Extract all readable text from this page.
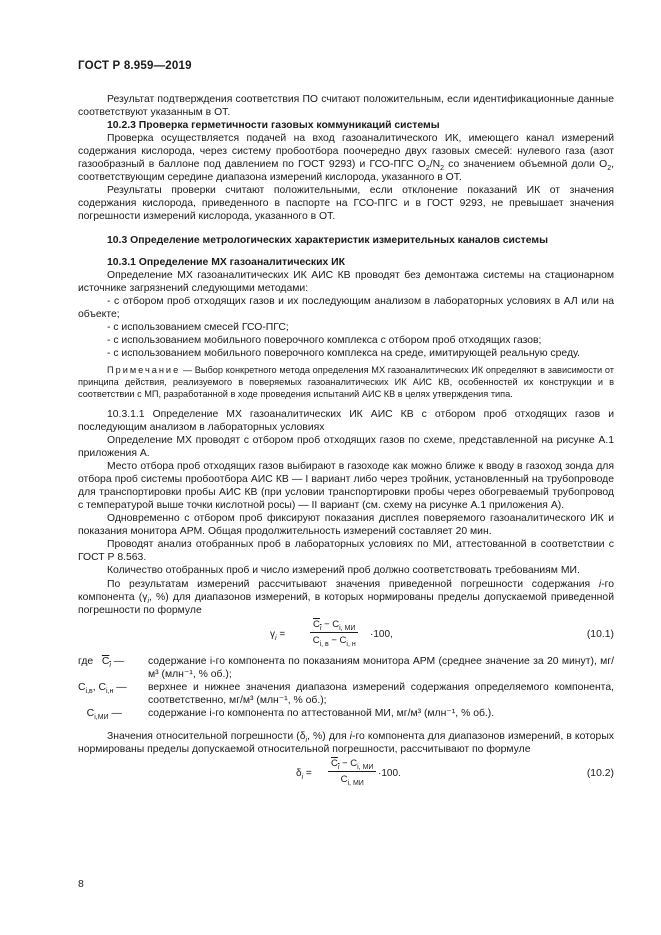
ГОСТ Р 8.959—2019

Результат подтверждения соответствия ПО считают положительным, если идентификационные данные соответствуют указанным в ОТ.

10.2.3 Проверка герметичности газовых коммуникаций системы

Проверка осуществляется подачей на вход газоаналитического ИК, имеющего канал измерений содержания кислорода, через систему пробоотбора поочередно двух газовых смесей: нулевого газа (азот газообразный в баллоне под давлением по ГОСТ 9293) и ГСО-ПГС $O_2/N_2$ со значением объемной доли $O_2$, соответствующим середине диапазона измерений кислорода, указанного в ОТ.

Результаты проверки считают положительными, если отклонение показаний ИК от значения содержания кислорода, приведенного в паспорте на ГСО-ПГС и в ГОСТ 9293, не превышает значения погрешности измерений кислорода, указанного в ОТ.

10.3 Определение метрологических характеристик измерительных каналов системы

10.3.1 Определение МХ газоаналитических ИК

Определение МХ газоаналитических ИК АИС КВ проводят без демонтажа системы на стационарном источнике загрязнений следующими методами:

- с отбором проб отходящих газов и их последующим анализом в лабораторных условиях в АЛ или на объекте;

- с использованием смесей ГСО-ПГС;

- с использованием мобильного поверочного комплекса с отбором проб отходящих газов;

- с использованием мобильного поверочного комплекса на среде, имитирующей реальную среду.

Примечание — Выбор конкретного метода определения МХ газоаналитических ИК определяют в зависимости от принципа действия, реализуемого в поверяемых газоаналитических ИК АИС КВ, особенностей их конструкции и в соответствии с МП, разработанной в ходе проведения испытаний АИС КВ в целях утверждения типа.

10.3.1.1 Определение МХ газоаналитических ИК АИС КВ с отбором проб отходящих газов и последующим анализом в лабораторных условиях

Определение МХ проводят с отбором проб отходящих газов по схеме, представленной на рисунке А.1 приложения А.

Место отбора проб отходящих газов выбирают в газоходе как можно ближе к вводу в газоход зонда для отбора проб системы пробоотбора АИС КВ — I вариант либо через тройник, установленный на трубопроводе для транспортировки пробы АИС КВ (при условии транспортировки пробы через обогреваемый трубопровод с температурой выше точки кислотной росы) — II вариант (см. схему на рисунке А.1 приложения А).

Одновременно с отбором проб фиксируют показания дисплея поверяемого газоаналитического ИК и показания монитора АРМ. Общая продолжительность измерений составляет 20 мин.

Проводят анализ отобранных проб в лабораторных условиях по МИ, аттестованной в соответствии с ГОСТ Р 8.563.

Количество отобранных проб и число измерений проб должно соответствовать требованиям МИ.

По результатам измерений рассчитывают значения приведенной погрешности содержания i-го компонента ($\gamma_i$, %) для диапазонов измерений, в которых нормированы пределы допускаемой приведенной погрешности по формуле

$\gamma_i$ =
$C_i - C_{i, МИ}$
$C_{i, в} - C_{i, н}$
·100,	(10.1)
где $C_i$ —	содержание i-го компонента по показаниям монитора АРМ (среднее значение за 20 минут), мг/м³ (млн⁻¹, % об.);
$C_{i,в}$, $C_{i,н}$ —	верхнее и нижнее значения диапазона измерений содержания определяемого компонента, соответственно, мг/м³ (млн⁻¹, % об.);
$C_{i,МИ}$ —	содержание i-го компонента по аттестованной МИ, мг/м³ (млн⁻¹, % об.).

Значения относительной погрешности ($\delta_i$, %) для i-го компонента для диапазонов измерений, в которых нормированы пределы допускаемой относительной погрешности, рассчитывают по формуле

$\delta_i$ =
$C_i - C_{i, МИ}$
$C_{i, МИ}$
·100.	(10.2)
8
